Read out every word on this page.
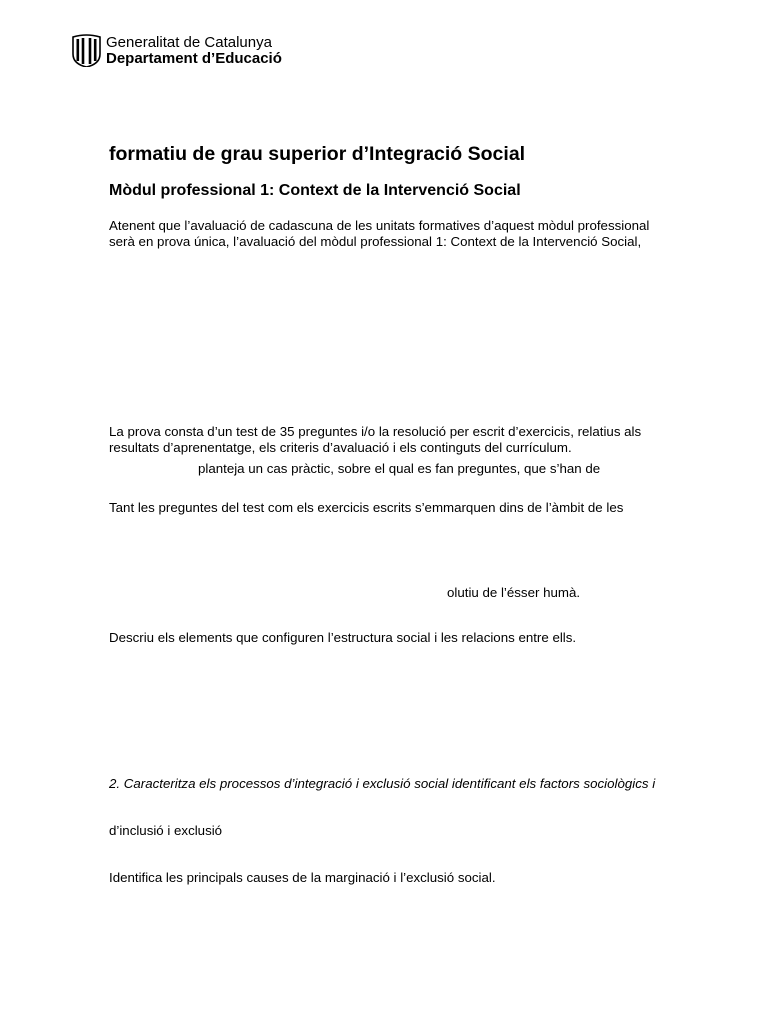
Generalitat de Catalunya
Departament d’Educació
formatiu de grau superior d’Integració Social
Mòdul professional 1: Context de la Intervenció Social
Atenent que l’avaluació de cadascuna de les unitats formatives d’aquest mòdul professional
serà en prova única, l’avaluació del mòdul professional 1: Context de la Intervenció Social,
La prova consta d’un test de 35 preguntes i/o la resolució per escrit d’exercicis, relatius als
resultats d’aprenentatge, els criteris d’avaluació i els continguts del currículum.
planteja un cas pràctic, sobre el qual es fan preguntes, que s’han de
Tant les preguntes del test com els exercicis escrits s’emmarquen dins de l’àmbit de les
olutiu de l’ésser humà.
Descriu els elements que configuren l’estructura social i les relacions entre ells.
2. Caracteritza els processos d’integració i exclusió social identificant els factors sociològics i
d’inclusió i exclusió
Identifica les principals causes de la marginació i l’exclusió social.
